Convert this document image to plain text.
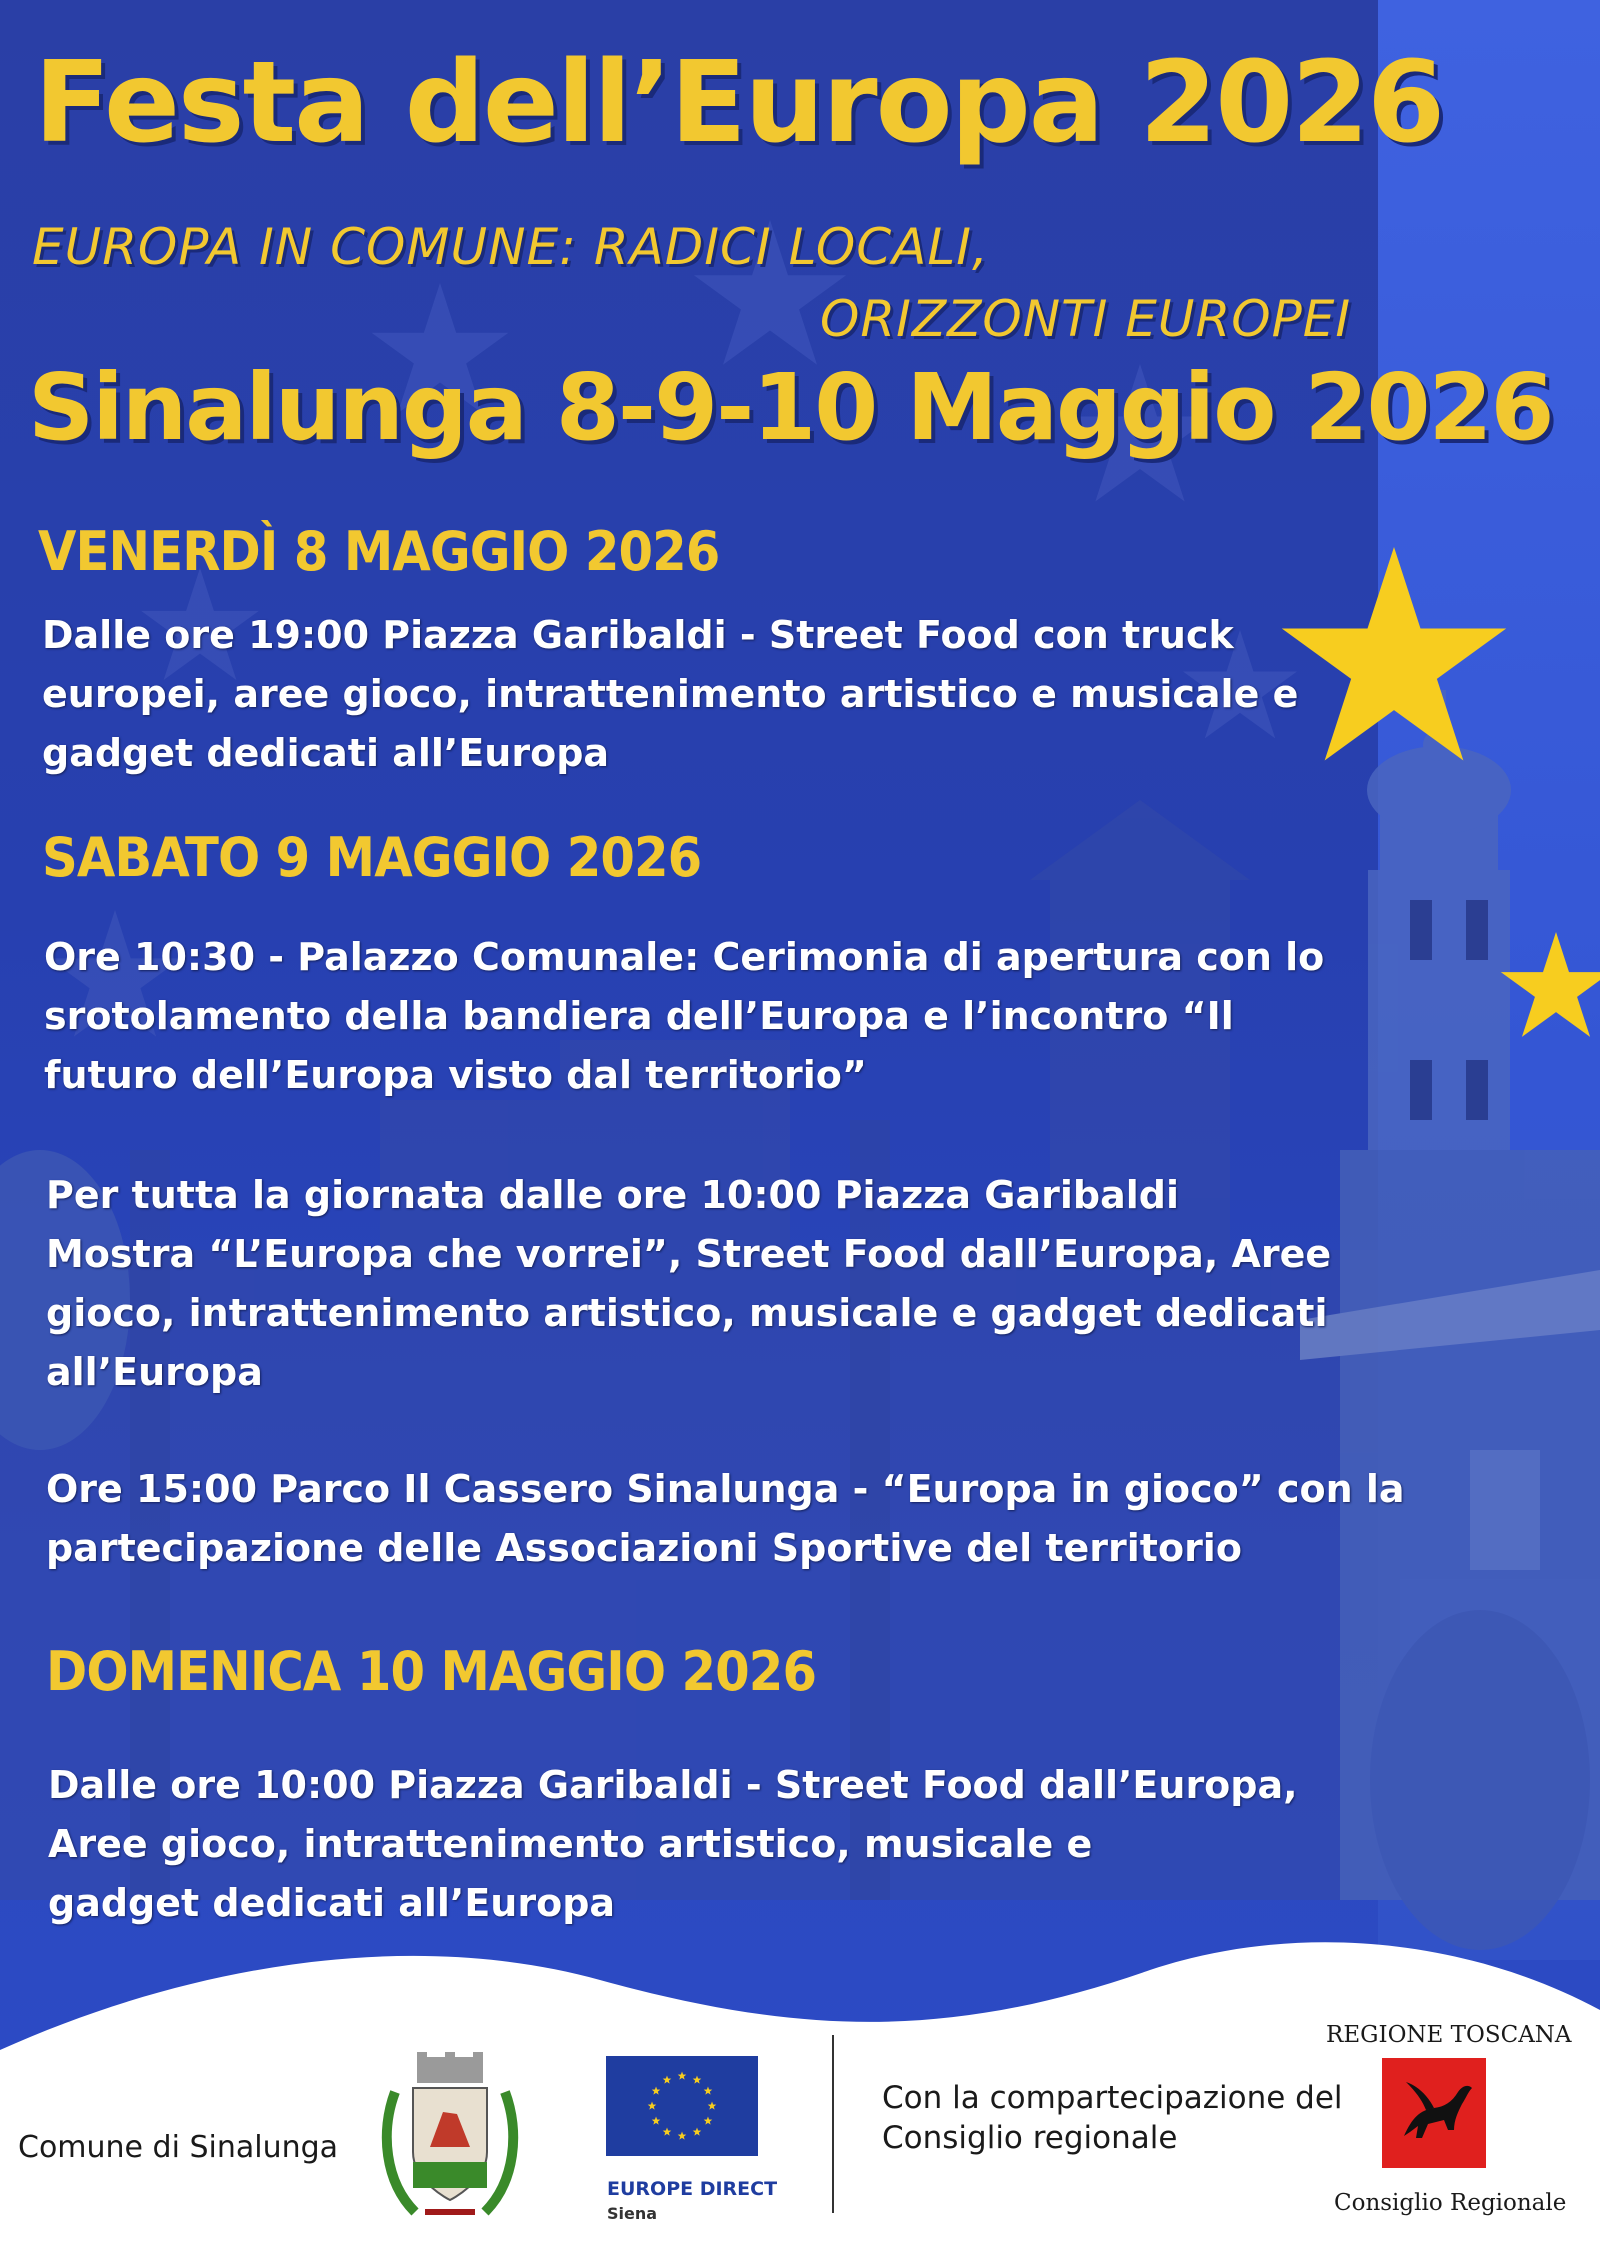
Festa dell’Europa 2026
EUROPA IN COMUNE: RADICI LOCALI,
ORIZZONTI EUROPEI
Sinalunga 8-9-10 Maggio 2026
VENERDÌ 8 MAGGIO 2026

Dalle ore 19:00 Piazza Garibaldi - Street Food con truck
europei, aree gioco, intrattenimento artistico e musicale e
gadget dedicati all’Europa

SABATO 9 MAGGIO 2026

Ore 10:30 - Palazzo Comunale: Cerimonia di apertura con lo
srotolamento della bandiera dell’Europa e l’incontro “Il
futuro dell’Europa visto dal territorio”

Per tutta la giornata dalle ore 10:00 Piazza Garibaldi
Mostra “L’Europa che vorrei”, Street Food dall’Europa, Aree
gioco, intrattenimento artistico, musicale e gadget dedicati
all’Europa

Ore 15:00 Parco Il Cassero Sinalunga - “Europa in gioco” con la
partecipazione delle Associazioni Sportive del territorio

DOMENICA 10 MAGGIO 2026

Dalle ore 10:00 Piazza Garibaldi - Street Food dall’Europa,
Aree gioco, intrattenimento artistico, musicale e
gadget dedicati all’Europa

Comune di Sinalunga
EUROPE DIRECT
Siena
Con la compartecipazione del
Consiglio regionale
REGIONE TOSCANA
Consiglio Regionale
